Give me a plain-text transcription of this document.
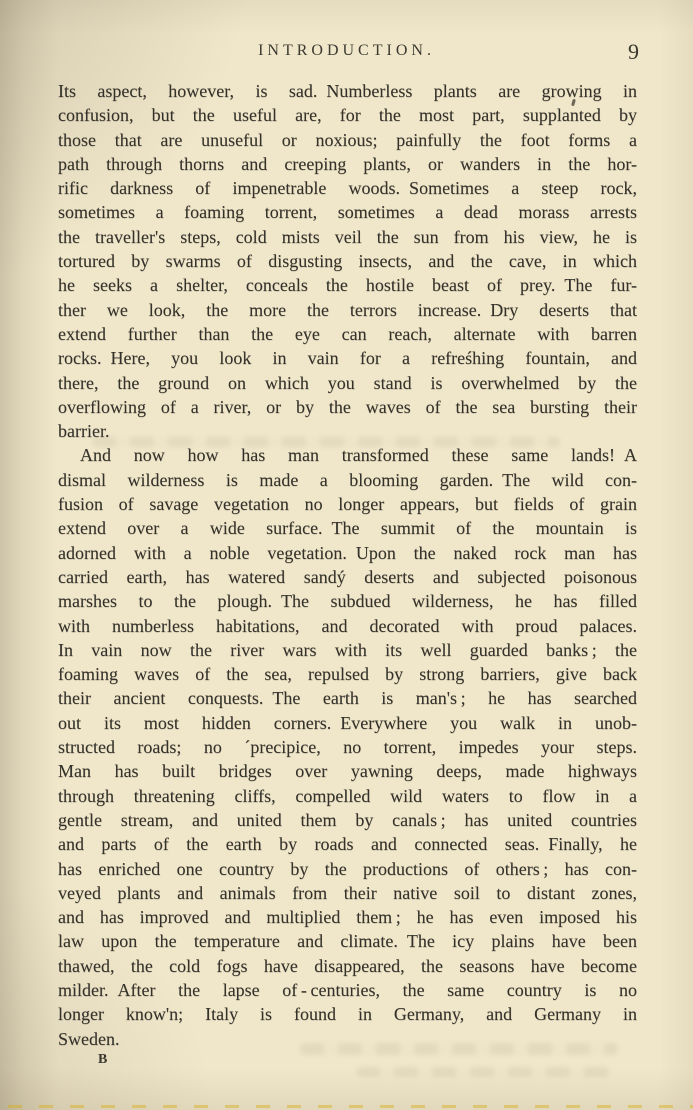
INTRODUCTION.	9

Its aspect, however, is sad. Numberless plants are growing in
confusion, but the useful are, for the most part, supplanted by
those that are unuseful or noxious; painfully the foot forms a
path through thorns and creeping plants, or wanders in the hor-
rific darkness of impenetrable woods. Sometimes a steep rock,
sometimes a foaming torrent, sometimes a dead morass arrests
the traveller's steps, cold mists veil the sun from his view, he is
tortured by swarms of disgusting insects, and the cave, in which
he seeks a shelter, conceals the hostile beast of prey. The fur-
ther we look, the more the terrors increase. Dry deserts that
extend further than the eye can reach, alternate with barren
rocks. Here, you look in vain for a refreśhing fountain, and
there, the ground on which you stand is overwhelmed by the
overflowing of a river, or by the waves of the sea bursting their
barrier.

And now how has man transformed these same lands! A
dismal wilderness is made a blooming garden. The wild con-
fusion of savage vegetation no longer appears, but fields of grain
extend over a wide surface. The summit of the mountain is
adorned with a noble vegetation. Upon the naked rock man has
carried earth, has watered sandý deserts and subjected poisonous
marshes to the plough. The subdued wilderness, he has filled
with numberless habitations, and decorated with proud palaces.
In vain now the river wars with its well guarded banks ; the
foaming waves of the sea, repulsed by strong barriers, give back
their ancient conquests. The earth is man's ; he has searched
out its most hidden corners. Everywhere you walk in unob-
structed roads; no ´precipice, no torrent, impedes your steps.
Man has built bridges over yawning deeps, made highways
through threatening cliffs, compelled wild waters to flow in a
gentle stream, and united them by canals ; has united countries
and parts of the earth by roads and connected seas. Finally, he
has enriched one country by the productions of others ; has con-
veyed plants and animals from their native soil to distant zones,
and has improved and multiplied them ; he has even imposed his
law upon the temperature and climate. The icy plains have been
thawed, the cold fogs have disappeared, the seasons have become
milder. After the lapse of - centuries, the same country is no
longer know'n; Italy is found in Germany, and Germany in
Sweden.

B
